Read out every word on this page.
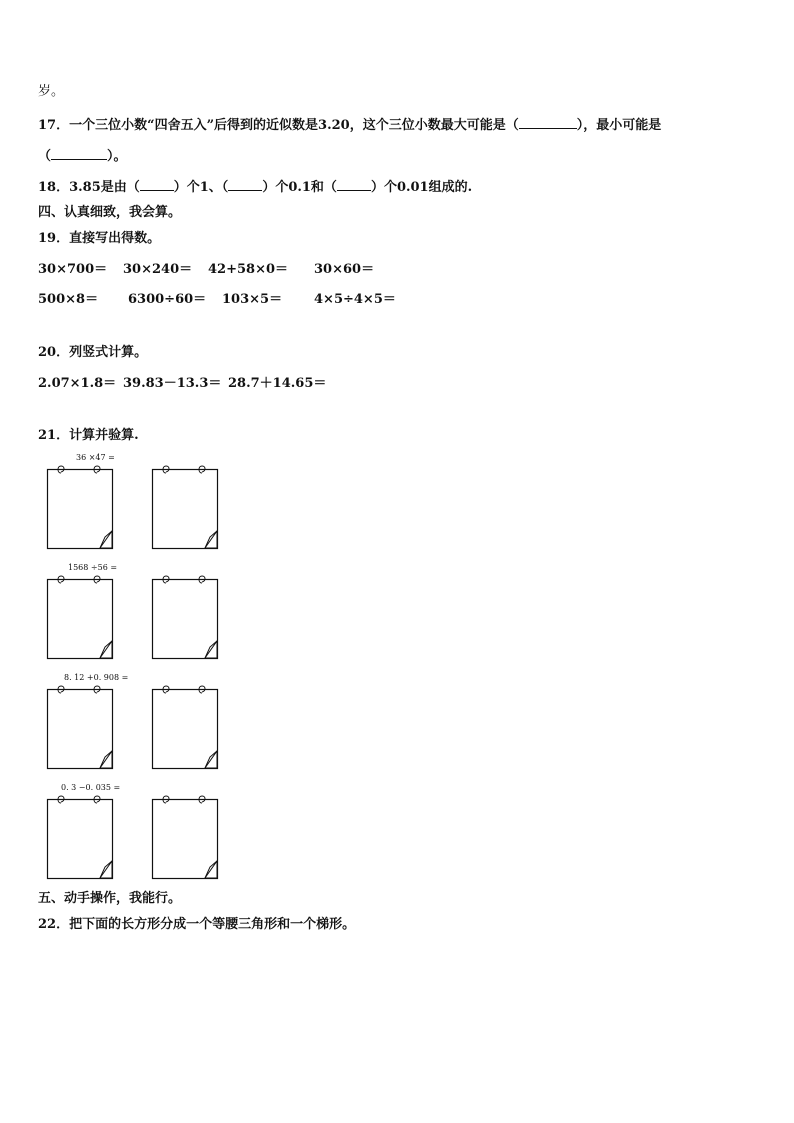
岁。
17．一个三位小数“四舍五入”后得到的近似数是3.20，这个三位小数最大可能是（	），最小可能是
（	）。
18．3.85是由（	）个1、（	）个0.1和（	）个0.01组成的.
四、认真细致，我会算。
19．直接写出得数。
30×700＝ 30×240＝ 42+58×0＝ 30×60＝
500×8＝ 6300÷60＝ 103×5＝ 4×5÷4×5＝
20．列竖式计算。
2.07×1.8＝ 39.83－13.3＝ 28.7＋14.65＝
21．计算并验算.
36 ×47 =
1568 ÷56 =
8. 12 +0. 908 =
0. 3 −0. 035 =
五、动手操作，我能行。
22．把下面的长方形分成一个等腰三角形和一个梯形。
